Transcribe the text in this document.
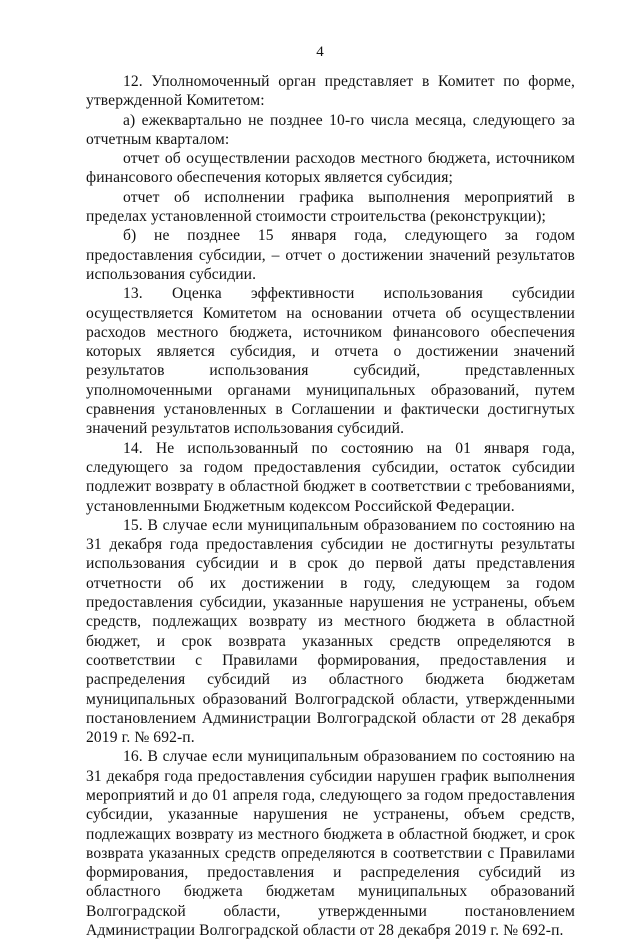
4

12. Уполномоченный орган представляет в Комитет по форме, утвержденной Комитетом:

а) ежеквартально не позднее 10-го числа месяца, следующего за отчетным кварталом:

отчет об осуществлении расходов местного бюджета, источником финансового обеспечения которых является субсидия;

отчет об исполнении графика выполнения мероприятий в пределах установленной стоимости строительства (реконструкции);

б) не позднее 15 января года, следующего за годом предоставления субсидии, – отчет о достижении значений результатов использования субсидии.

13. Оценка эффективности использования субсидии осуществляется Комитетом на основании отчета об осуществлении расходов местного бюджета, источником финансового обеспечения которых является субсидия, и отчета о достижении значений результатов использования субсидий, представленных уполномоченными органами муниципальных образований, путем сравнения установленных в Соглашении и фактически достигнутых значений результатов использования субсидий.

14. Не использованный по состоянию на 01 января года, следующего за годом предоставления субсидии, остаток субсидии подлежит возврату в областной бюджет в соответствии с требованиями, установленными Бюджетным кодексом Российской Федерации.

15. В случае если муниципальным образованием по состоянию на 31 декабря года предоставления субсидии не достигнуты результаты использования субсидии и в срок до первой даты представления отчетности об их достижении в году, следующем за годом предоставления субсидии, указанные нарушения не устранены, объем средств, подлежащих возврату из местного бюджета в областной бюджет, и срок возврата указанных средств определяются в соответствии с Правилами формирования, предоставления и распределения субсидий из областного бюджета бюджетам муниципальных образований Волгоградской области, утвержденными постановлением Администрации Волгоградской области от 28 декабря 2019 г. № 692-п.

16. В случае если муниципальным образованием по состоянию на 31 декабря года предоставления субсидии нарушен график выполнения мероприятий и до 01 апреля года, следующего за годом предоставления субсидии, указанные нарушения не устранены, объем средств, подлежащих возврату из местного бюджета в областной бюджет, и срок возврата указанных средств определяются в соответствии с Правилами формирования, предоставления и распределения субсидий из областного бюджета бюджетам муниципальных образований Волгоградской области, утвержденными постановлением Администрации Волгоградской области от 28 декабря 2019 г. № 692-п.
